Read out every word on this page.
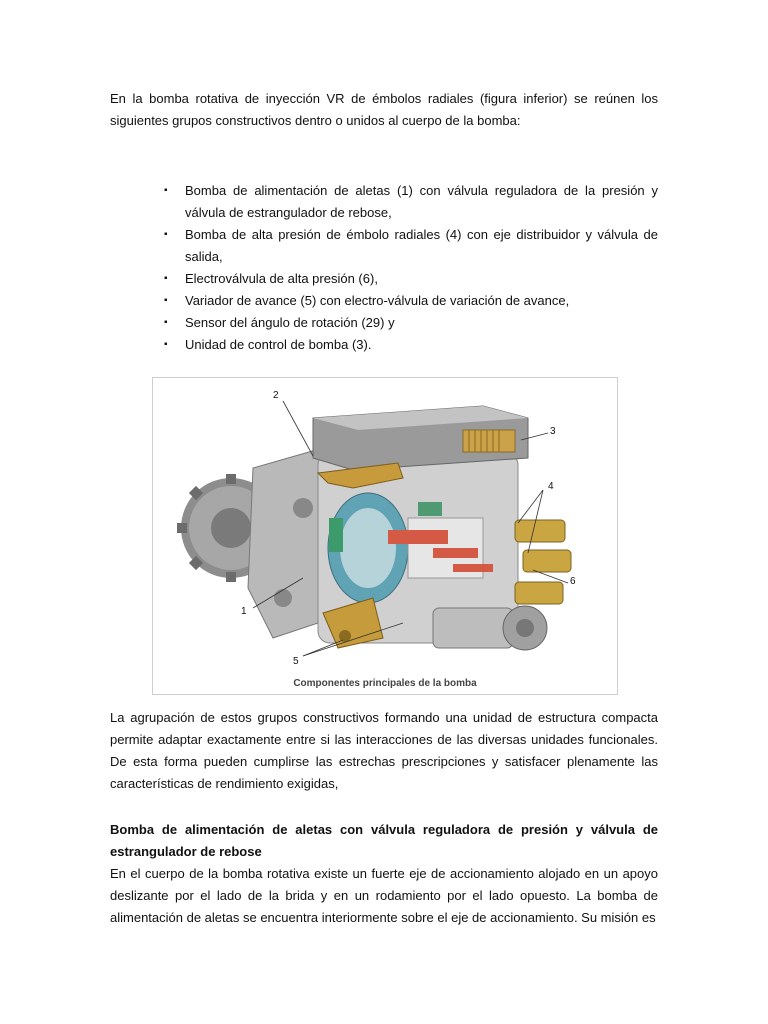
En la bomba rotativa de inyección VR de émbolos radiales (figura inferior) se reúnen los siguientes grupos constructivos dentro o unidos al cuerpo de la bomba:

▪ Bomba de alimentación de aletas (1) con válvula reguladora de la presión y válvula de estrangulador de rebose,
▪ Bomba de alta presión de émbolo radiales (4) con eje distribuidor y válvula de salida,
▪ Electroválvula de alta presión (6),
▪ Variador de avance (5) con electro-válvula de variación de avance,
▪ Sensor del ángulo de rotación (29) y
▪ Unidad de control de bomba (3).
2
3
4
6
1
5
Componentes principales de la bomba

La agrupación de estos grupos constructivos formando una unidad de estructura compacta permite adaptar exactamente entre si las interacciones de las diversas unidades funcionales. De esta forma pueden cumplirse las estrechas prescripciones y satisfacer plenamente las características de rendimiento exigidas,

Bomba de alimentación de aletas con válvula reguladora de presión y válvula de estrangulador de rebose

En el cuerpo de la bomba rotativa existe un fuerte eje de accionamiento alojado en un apoyo deslizante por el lado de la brida y en un rodamiento por el lado opuesto. La bomba de alimentación de aletas se encuentra interiormente sobre el eje de accionamiento. Su misión es
